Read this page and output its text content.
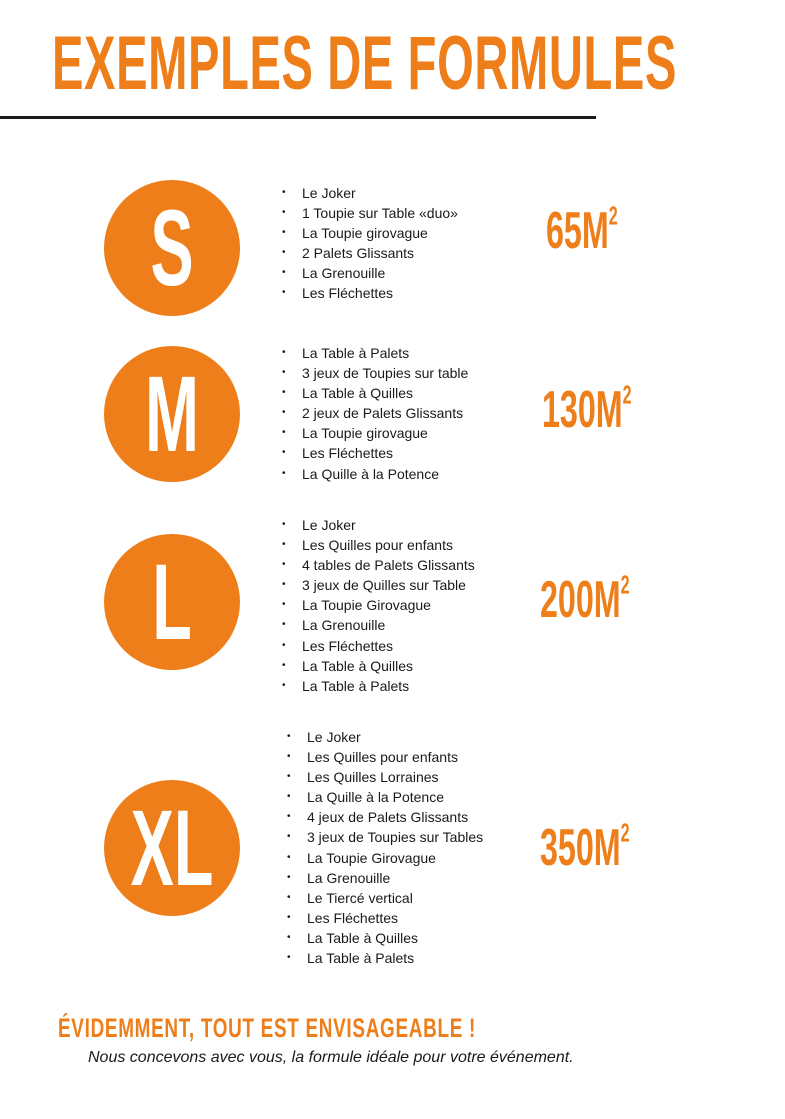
EXEMPLES DE FORMULES
S	• Le Joker
• 1 Toupie sur Table «duo»
• La Toupie girovague
• 2 Palets Glissants
• La Grenouille
• Les Fléchettes
$65M^2$
M	• La Table à Palets
• 3 jeux de Toupies sur table
• La Table à Quilles
• 2 jeux de Palets Glissants
• La Toupie girovague
• Les Fléchettes
• La Quille à la Potence
$130M^2$
L
• Le Joker
• Les Quilles pour enfants
• 4 tables de Palets Glissants
• 3 jeux de Quilles sur Table
• La Toupie Girovague
• La Grenouille
• Les Fléchettes
• La Table à Quilles
• La Table à Palets
$200M^2$
XL
• Le Joker
• Les Quilles pour enfants
• Les Quilles Lorraines
• La Quille à la Potence
• 4 jeux de Palets Glissants
• 3 jeux de Toupies sur Tables
• La Toupie Girovague
• La Grenouille
• Le Tiercé vertical
• Les Fléchettes
• La Table à Quilles
• La Table à Palets
$350M^2$
ÉVIDEMMENT, TOUT EST ENVISAGEABLE !
Nous concevons avec vous, la formule idéale pour votre événement.
